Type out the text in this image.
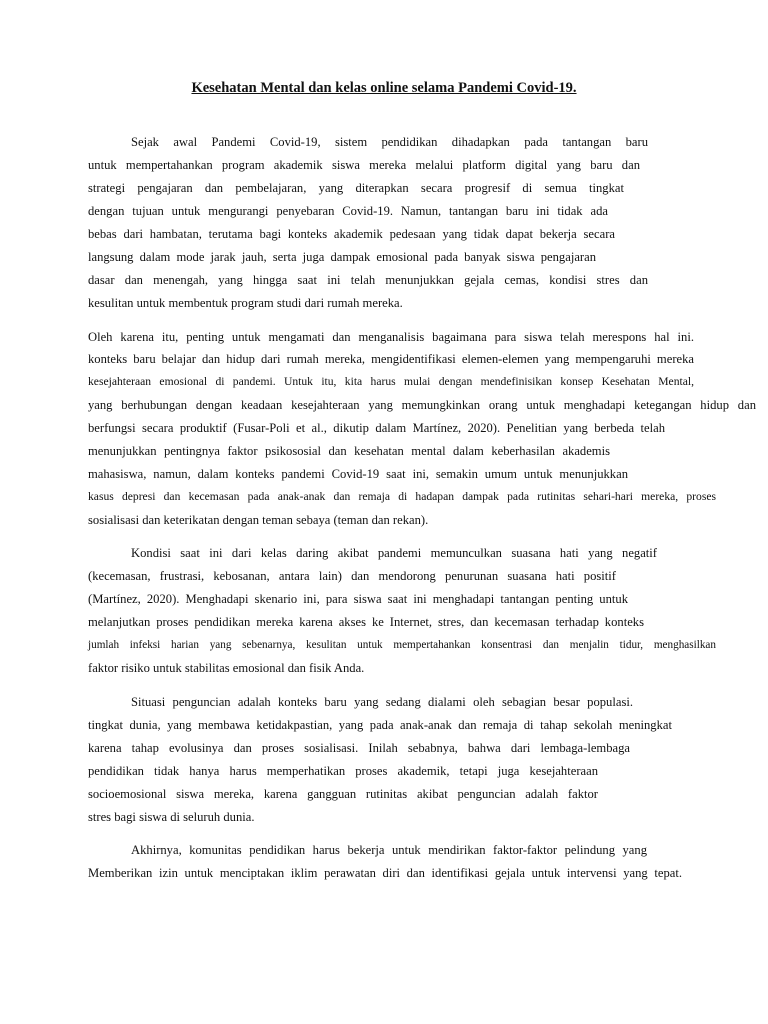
Kesehatan Mental dan kelas online selama Pandemi Covid-19.
Sejak awal Pandemi Covid-19, sistem pendidikan dihadapkan pada tantangan baru
untuk mempertahankan program akademik siswa mereka melalui platform digital yang baru dan
strategi pengajaran dan pembelajaran, yang diterapkan secara progresif di semua tingkat
dengan tujuan untuk mengurangi penyebaran Covid-19. Namun, tantangan baru ini tidak ada
bebas dari hambatan, terutama bagi konteks akademik pedesaan yang tidak dapat bekerja secara
langsung dalam mode jarak jauh, serta juga dampak emosional pada banyak siswa pengajaran
dasar dan menengah, yang hingga saat ini telah menunjukkan gejala cemas, kondisi stres dan
kesulitan untuk membentuk program studi dari rumah mereka.
Oleh karena itu, penting untuk mengamati dan menganalisis bagaimana para siswa telah merespons hal ini.
konteks baru belajar dan hidup dari rumah mereka, mengidentifikasi elemen-elemen yang mempengaruhi mereka
kesejahteraan emosional di pandemi. Untuk itu, kita harus mulai dengan mendefinisikan konsep Kesehatan Mental,
yang berhubungan dengan keadaan kesejahteraan yang memungkinkan orang untuk menghadapi ketegangan hidup dan
berfungsi secara produktif (Fusar-Poli et al., dikutip dalam Martínez, 2020). Penelitian yang berbeda telah
menunjukkan pentingnya faktor psikososial dan kesehatan mental dalam keberhasilan akademis
mahasiswa, namun, dalam konteks pandemi Covid-19 saat ini, semakin umum untuk menunjukkan
kasus depresi dan kecemasan pada anak-anak dan remaja di hadapan dampak pada rutinitas sehari-hari mereka, proses
sosialisasi dan keterikatan dengan teman sebaya (teman dan rekan).
Kondisi saat ini dari kelas daring akibat pandemi memunculkan suasana hati yang negatif
(kecemasan, frustrasi, kebosanan, antara lain) dan mendorong penurunan suasana hati positif
(Martínez, 2020). Menghadapi skenario ini, para siswa saat ini menghadapi tantangan penting untuk
melanjutkan proses pendidikan mereka karena akses ke Internet, stres, dan kecemasan terhadap konteks
jumlah infeksi harian yang sebenarnya, kesulitan untuk mempertahankan konsentrasi dan menjalin tidur, menghasilkan
faktor risiko untuk stabilitas emosional dan fisik Anda.
Situasi penguncian adalah konteks baru yang sedang dialami oleh sebagian besar populasi.
tingkat dunia, yang membawa ketidakpastian, yang pada anak-anak dan remaja di tahap sekolah meningkat
karena tahap evolusinya dan proses sosialisasi. Inilah sebabnya, bahwa dari lembaga-lembaga
pendidikan tidak hanya harus memperhatikan proses akademik, tetapi juga kesejahteraan
socioemosional siswa mereka, karena gangguan rutinitas akibat penguncian adalah faktor
stres bagi siswa di seluruh dunia.
Akhirnya, komunitas pendidikan harus bekerja untuk mendirikan faktor-faktor pelindung yang
Memberikan izin untuk menciptakan iklim perawatan diri dan identifikasi gejala untuk intervensi yang tepat.
